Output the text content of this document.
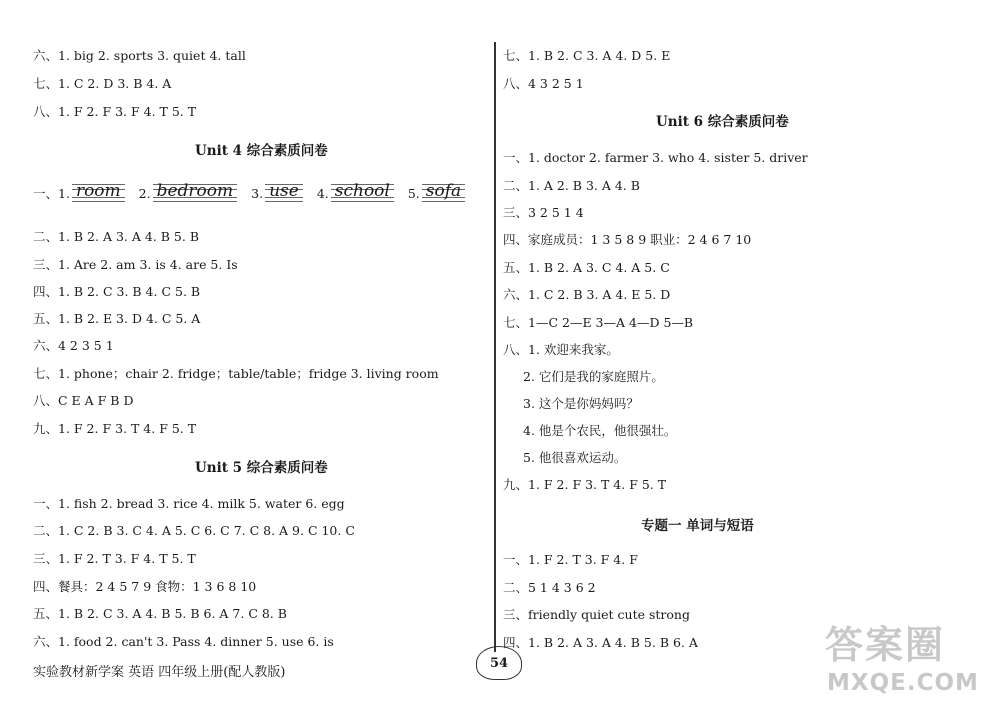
六、1. big 2. sports 3. quiet 4. tall
七、1. C 2. D 3. B 4. A
八、1. F 2. F 3. F 4. T 5. T
Unit 4 综合素质问卷
一、1. room	2. bedroom	3. use	4. school	5. sofa
二、1. B 2. A 3. A 4. B 5. B
三、1. Are 2. am 3. is 4. are 5. Is
四、1. B 2. C 3. B 4. C 5. B
五、1. B 2. E 3. D 4. C 5. A
六、4 2 3 5 1
七、1. phone；chair 2. fridge；table/table；fridge 3. living room
八、C E A F B D
九、1. F 2. F 3. T 4. F 5. T
Unit 5 综合素质问卷
一、1. fish 2. bread 3. rice 4. milk 5. water 6. egg
二、1. C 2. B 3. C 4. A 5. C 6. C 7. C 8. A 9. C 10. C
三、1. F 2. T 3. F 4. T 5. T
四、餐具：2 4 5 7 9 食物：1 3 6 8 10
五、1. B 2. C 3. A 4. B 5. B 6. A 7. C 8. B
六、1. food 2. can't 3. Pass 4. dinner 5. use 6. is
七、1. B 2. C 3. A 4. D 5. E
八、4 3 2 5 1
Unit 6 综合素质问卷
一、1. doctor 2. farmer 3. who 4. sister 5. driver
二、1. A 2. B 3. A 4. B
三、3 2 5 1 4
四、家庭成员：1 3 5 8 9 职业：2 4 6 7 10
五、1. B 2. A 3. C 4. A 5. C
六、1. C 2. B 3. A 4. E 5. D
七、1—C 2—E 3—A 4—D 5—B
八、1. 欢迎来我家。
2. 它们是我的家庭照片。
3. 这个是你妈妈吗？
4. 他是个农民，他很强壮。
5. 他很喜欢运动。
九、1. F 2. F 3. T 4. F 5. T
专题一 单词与短语
一、1. F 2. T 3. F 4. F
二、5 1 4 3 6 2
三、friendly quiet cute strong
四、1. B 2. A 3. A 4. B 5. B 6. A
实验教材新学案 英语 四年级上册(配人教版)
54	答案圈
MXQE.COM
